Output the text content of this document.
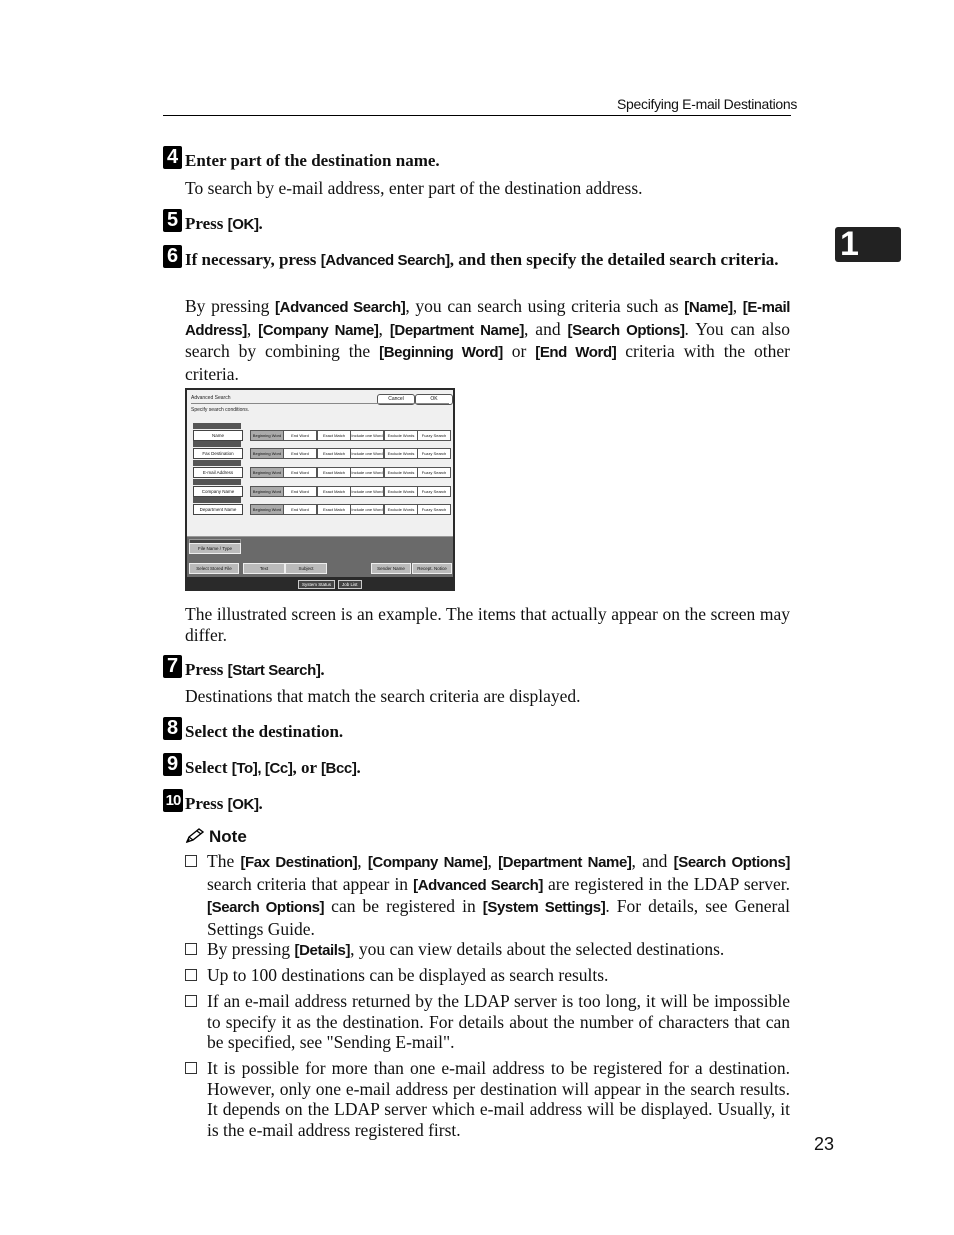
Specifying E-mail Destinations
1
4 Enter part of the destination name.
To search by e-mail address, enter part of the destination address.
5 Press [OK].
6 If necessary, press [Advanced Search], and then specify the detailed search criteria.
By pressing [Advanced Search], you can search using criteria such as [Name], [E-mail Address], [Company Name], [Department Name], and [Search Options]. You can also search by combining the [Beginning Word] or [End Word] criteria with the other criteria.
Advanced Search	Cancel	OK
Specify search conditions.
Name	Beginning Word	End Word	Exact Match	Include one Word	Exclude Words	Fuzzy Search
Fax Destination	Beginning Word	End Word	Exact Match	Include one Word	Exclude Words	Fuzzy Search
E-mail Address	Beginning Word	End Word	Exact Match	Include one Word	Exclude Words	Fuzzy Search
Company Name	Beginning Word	End Word	Exact Match	Include one Word	Exclude Words	Fuzzy Search
Department Name	Beginning Word	End Word	Exact Match	Include one Word	Exclude Words	Fuzzy Search
File Name / Type
Select Stored File	Text	Subject	Sender Name	Recept. Notice
System Status Job List
The illustrated screen is an example. The items that actually appear on the screen may differ.
7 Press [Start Search].
Destinations that match the search criteria are displayed.
8 Select the destination.
9 Select [To], [Cc], or [Bcc].
10 Press [OK].
Note
The [Fax Destination], [Company Name], [Department Name], and [Search Options] search criteria that appear in [Advanced Search] are registered in the LDAP server. [Search Options] can be registered in [System Settings]. For details, see General Settings Guide.
By pressing [Details], you can view details about the selected destinations.
Up to 100 destinations can be displayed as search results.
If an e-mail address returned by the LDAP server is too long, it will be impossible to specify it as the destination. For details about the number of characters that can be specified, see "Sending E-mail".
It is possible for more than one e-mail address to be registered for a destination. However, only one e-mail address per destination will appear in the search results. It depends on the LDAP server which e-mail address will be displayed. Usually, it is the e-mail address registered first.
23
